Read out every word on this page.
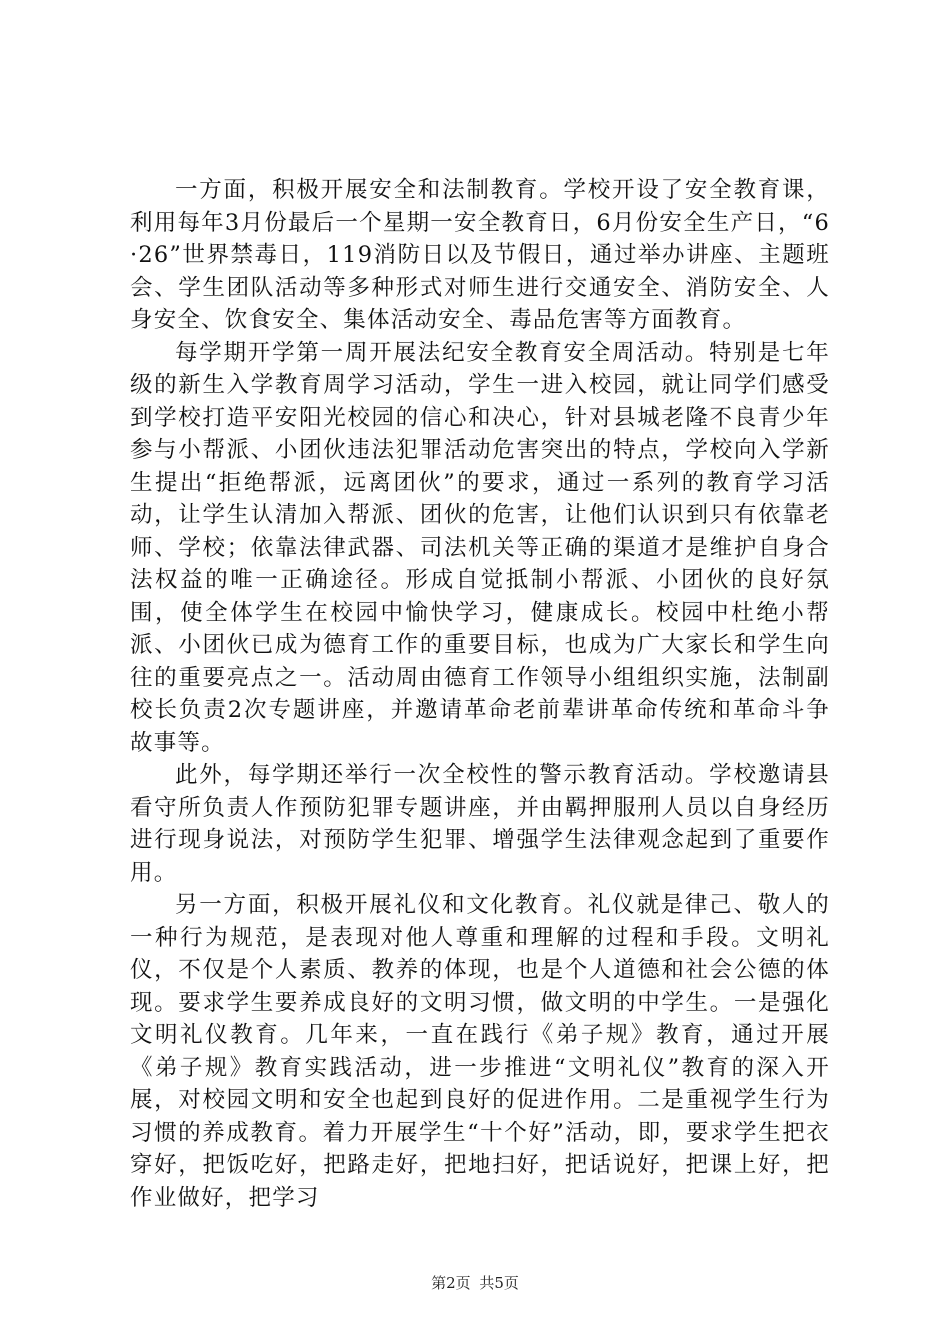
一方面，积极开展安全和法制教育。学校开设了安全教育课，利用每年3月份最后一个星期一安全教育日，6月份安全生产日，“6·26”世界禁毒日，119消防日以及节假日，通过举办讲座、主题班会、学生团队活动等多种形式对师生进行交通安全、消防安全、人身安全、饮食安全、集体活动安全、毒品危害等方面教育。

每学期开学第一周开展法纪安全教育安全周活动。特别是七年级的新生入学教育周学习活动，学生一进入校园，就让同学们感受到学校打造平安阳光校园的信心和决心，针对县城老隆不良青少年参与小帮派、小团伙违法犯罪活动危害突出的特点，学校向入学新生提出“拒绝帮派，远离团伙”的要求，通过一系列的教育学习活动，让学生认清加入帮派、团伙的危害，让他们认识到只有依靠老师、学校；依靠法律武器、司法机关等正确的渠道才是维护自身合法权益的唯一正确途径。形成自觉抵制小帮派、小团伙的良好氛围，使全体学生在校园中愉快学习，健康成长。校园中杜绝小帮派、小团伙已成为德育工作的重要目标，也成为广大家长和学生向往的重要亮点之一。活动周由德育工作领导小组组织实施，法制副校长负责2次专题讲座，并邀请革命老前辈讲革命传统和革命斗争故事等。

此外，每学期还举行一次全校性的警示教育活动。学校邀请县看守所负责人作预防犯罪专题讲座，并由羁押服刑人员以自身经历进行现身说法，对预防学生犯罪、增强学生法律观念起到了重要作用。

另一方面，积极开展礼仪和文化教育。礼仪就是律己、敬人的一种行为规范，是表现对他人尊重和理解的过程和手段。文明礼仪，不仅是个人素质、教养的体现，也是个人道德和社会公德的体现。要求学生要养成良好的文明习惯，做文明的中学生。一是强化文明礼仪教育。几年来，一直在践行《弟子规》教育，通过开展《弟子规》教育实践活动，进一步推进“文明礼仪”教育的深入开展，对校园文明和安全也起到良好的促进作用。二是重视学生行为习惯的养成教育。着力开展学生“十个好”活动，即，要求学生把衣穿好，把饭吃好，把路走好，把地扫好，把话说好，把课上好，把作业做好，把学习

第2页 共5页
